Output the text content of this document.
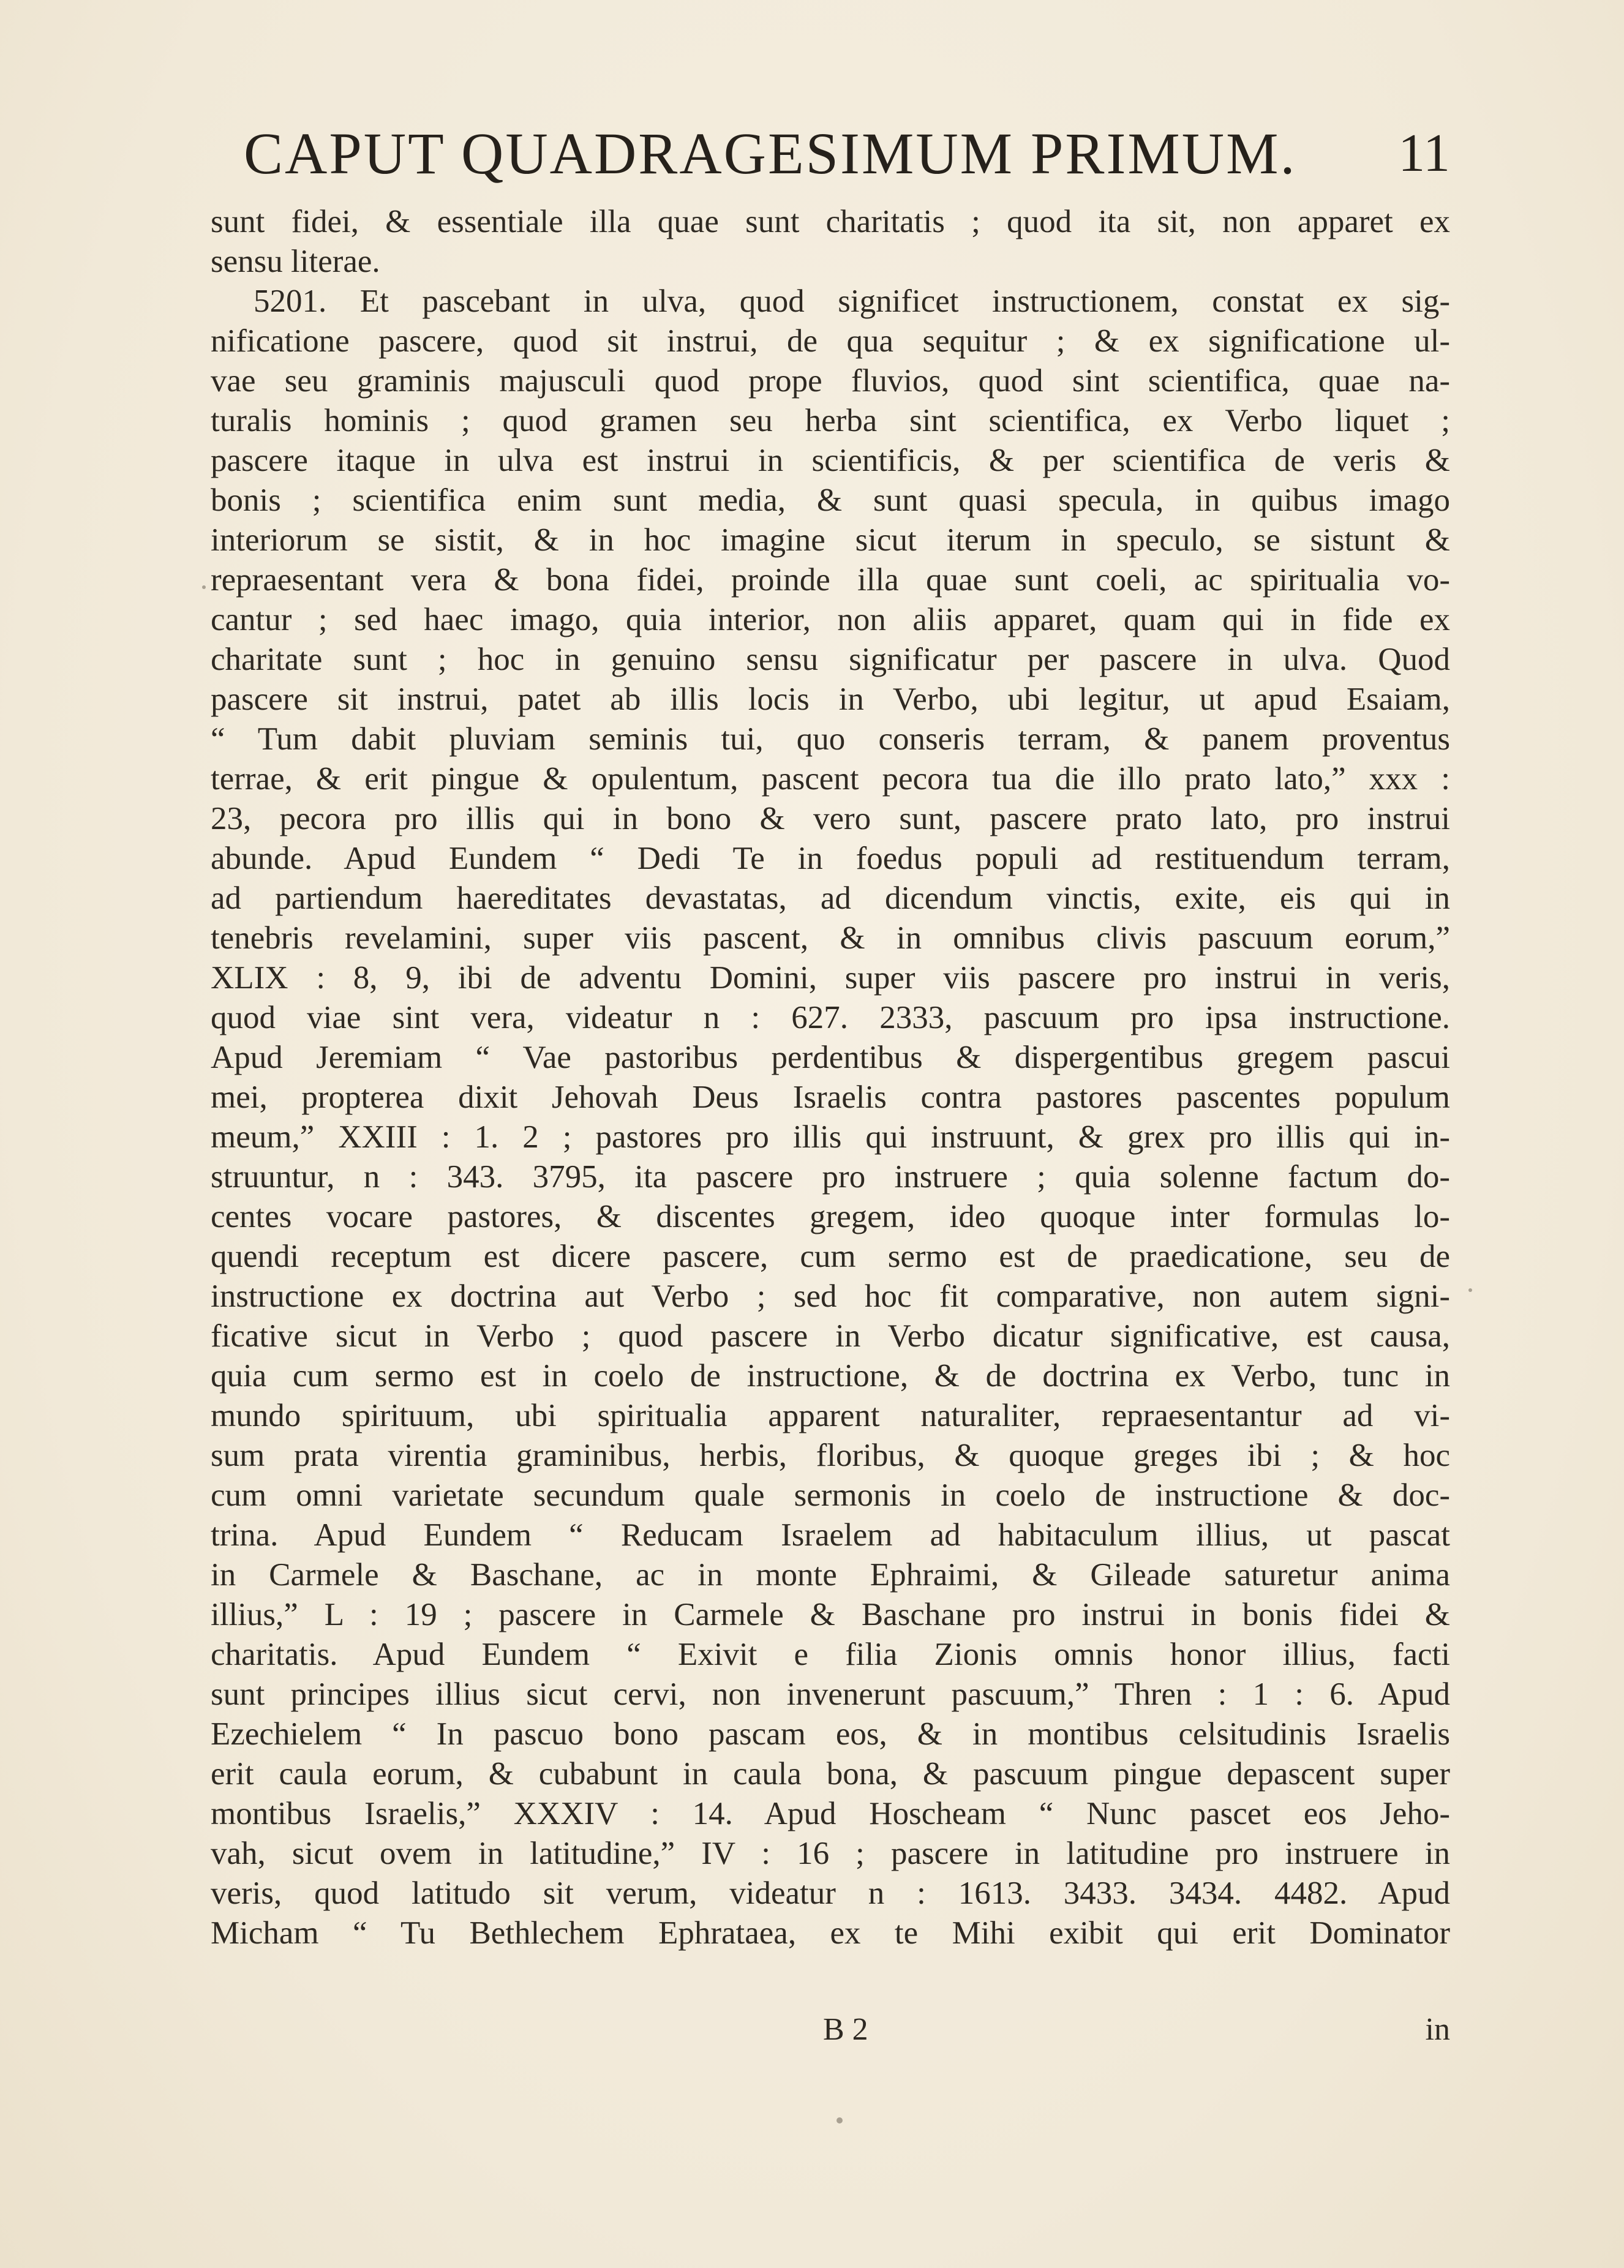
CAPUT QUADRAGESIMUM PRIMUM. 11
sunt fidei, & essentiale illa quae sunt charitatis ; quod ita sit, non apparet ex
sensu literae.
5201. Et pascebant in ulva, quod significet instructionem, constat ex sig-
nificatione pascere, quod sit instrui, de qua sequitur ; & ex significatione ul-
vae seu graminis majusculi quod prope fluvios, quod sint scientifica, quae na-
turalis hominis ; quod gramen seu herba sint scientifica, ex Verbo liquet ;
pascere itaque in ulva est instrui in scientificis, & per scientifica de veris &
bonis ; scientifica enim sunt media, & sunt quasi specula, in quibus imago
interiorum se sistit, & in hoc imagine sicut iterum in speculo, se sistunt &
repraesentant vera & bona fidei, proinde illa quae sunt coeli, ac spiritualia vo-
cantur ; sed haec imago, quia interior, non aliis apparet, quam qui in fide ex
charitate sunt ; hoc in genuino sensu significatur per pascere in ulva. Quod
pascere sit instrui, patet ab illis locis in Verbo, ubi legitur, ut apud Esaiam,
“ Tum dabit pluviam seminis tui, quo conseris terram, & panem proventus
terrae, & erit pingue & opulentum, pascent pecora tua die illo prato lato,” xxx :
23, pecora pro illis qui in bono & vero sunt, pascere prato lato, pro instrui
abunde. Apud Eundem “ Dedi Te in foedus populi ad restituendum terram,
ad partiendum haereditates devastatas, ad dicendum vinctis, exite, eis qui in
tenebris revelamini, super viis pascent, & in omnibus clivis pascuum eorum,”
XLIX : 8, 9, ibi de adventu Domini, super viis pascere pro instrui in veris,
quod viae sint vera, videatur n : 627. 2333, pascuum pro ipsa instructione.
Apud Jeremiam “ Vae pastoribus perdentibus & dispergentibus gregem pascui
mei, propterea dixit Jehovah Deus Israelis contra pastores pascentes populum
meum,” XXIII : 1. 2 ; pastores pro illis qui instruunt, & grex pro illis qui in-
struuntur, n : 343. 3795, ita pascere pro instruere ; quia solenne factum do-
centes vocare pastores, & discentes gregem, ideo quoque inter formulas lo-
quendi receptum est dicere pascere, cum sermo est de praedicatione, seu de
instructione ex doctrina aut Verbo ; sed hoc fit comparative, non autem signi-
ficative sicut in Verbo ; quod pascere in Verbo dicatur significative, est causa,
quia cum sermo est in coelo de instructione, & de doctrina ex Verbo, tunc in
mundo spirituum, ubi spiritualia apparent naturaliter, repraesentantur ad vi-
sum prata virentia graminibus, herbis, floribus, & quoque greges ibi ; & hoc
cum omni varietate secundum quale sermonis in coelo de instructione & doc-
trina. Apud Eundem “ Reducam Israelem ad habitaculum illius, ut pascat
in Carmele & Baschane, ac in monte Ephraimi, & Gileade saturetur anima
illius,” L : 19 ; pascere in Carmele & Baschane pro instrui in bonis fidei &
charitatis. Apud Eundem “ Exivit e filia Zionis omnis honor illius, facti
sunt principes illius sicut cervi, non invenerunt pascuum,” Thren : 1 : 6. Apud
Ezechielem “ In pascuo bono pascam eos, & in montibus celsitudinis Israelis
erit caula eorum, & cubabunt in caula bona, & pascuum pingue depascent super
montibus Israelis,” XXXIV : 14. Apud Hoscheam “ Nunc pascet eos Jeho-
vah, sicut ovem in latitudine,” IV : 16 ; pascere in latitudine pro instruere in
veris, quod latitudo sit verum, videatur n : 1613. 3433. 3434. 4482. Apud
Micham “ Tu Bethlechem Ephrataea, ex te Mihi exibit qui erit Dominator
B 2	in
